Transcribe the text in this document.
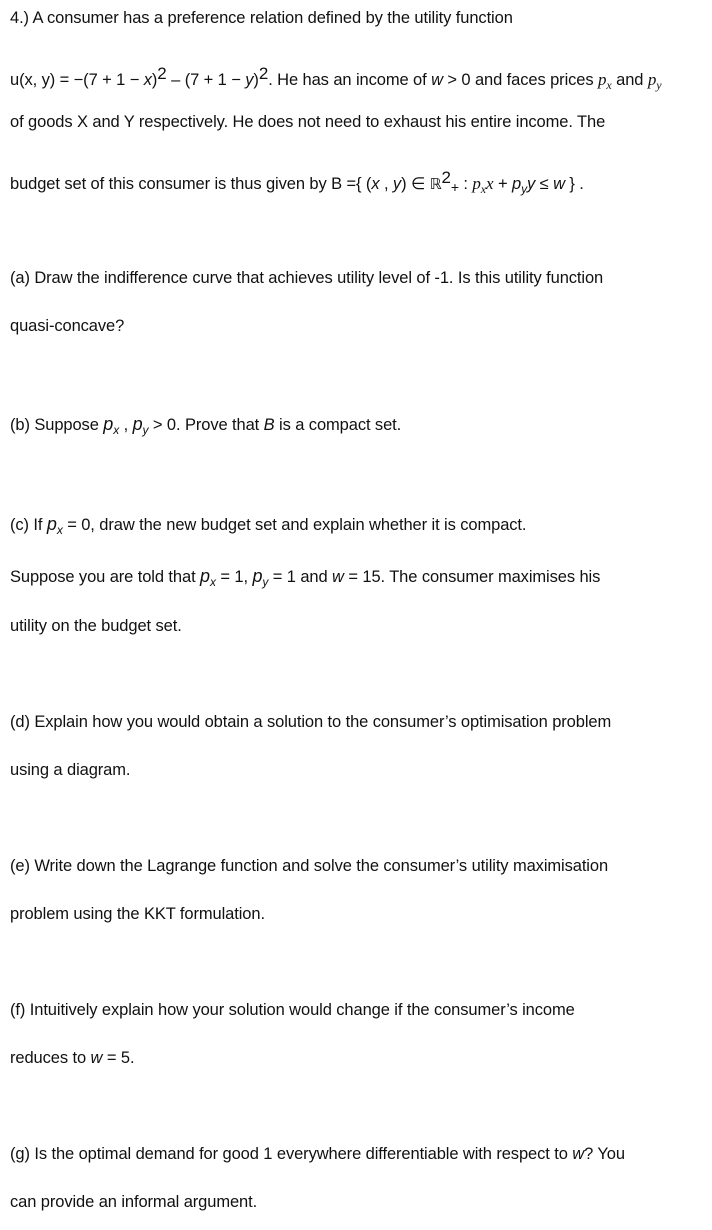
4.) A consumer has a preference relation defined by the utility function
u(x, y) = −(7 + 1 − x)2 – (7 + 1 − y)2. He has an income of w > 0 and faces prices $p_x$ and $p_y$
of goods X and Y respectively. He does not need to exhaust his entire income. The
budget set of this consumer is thus given by B ={ (x , y) ∈ $ℝ2_+$ : $p_xx + p_yy \le w$ } .
(a) Draw the indifference curve that achieves utility level of -1. Is this utility function
quasi-concave?
(b) Suppose $p_x$ , $p_y > 0$. Prove that B is a compact set.
(c) If $p_x = 0$, draw the new budget set and explain whether it is compact.
Suppose you are told that $p_x = 1$, $p_y = 1$ and w = 15. The consumer maximises his
utility on the budget set.
(d) Explain how you would obtain a solution to the consumer’s optimisation problem
using a diagram.
(e) Write down the Lagrange function and solve the consumer’s utility maximisation
problem using the KKT formulation.
(f) Intuitively explain how your solution would change if the consumer’s income
reduces to w = 5.
(g) Is the optimal demand for good 1 everywhere differentiable with respect to w? You
can provide an informal argument.
